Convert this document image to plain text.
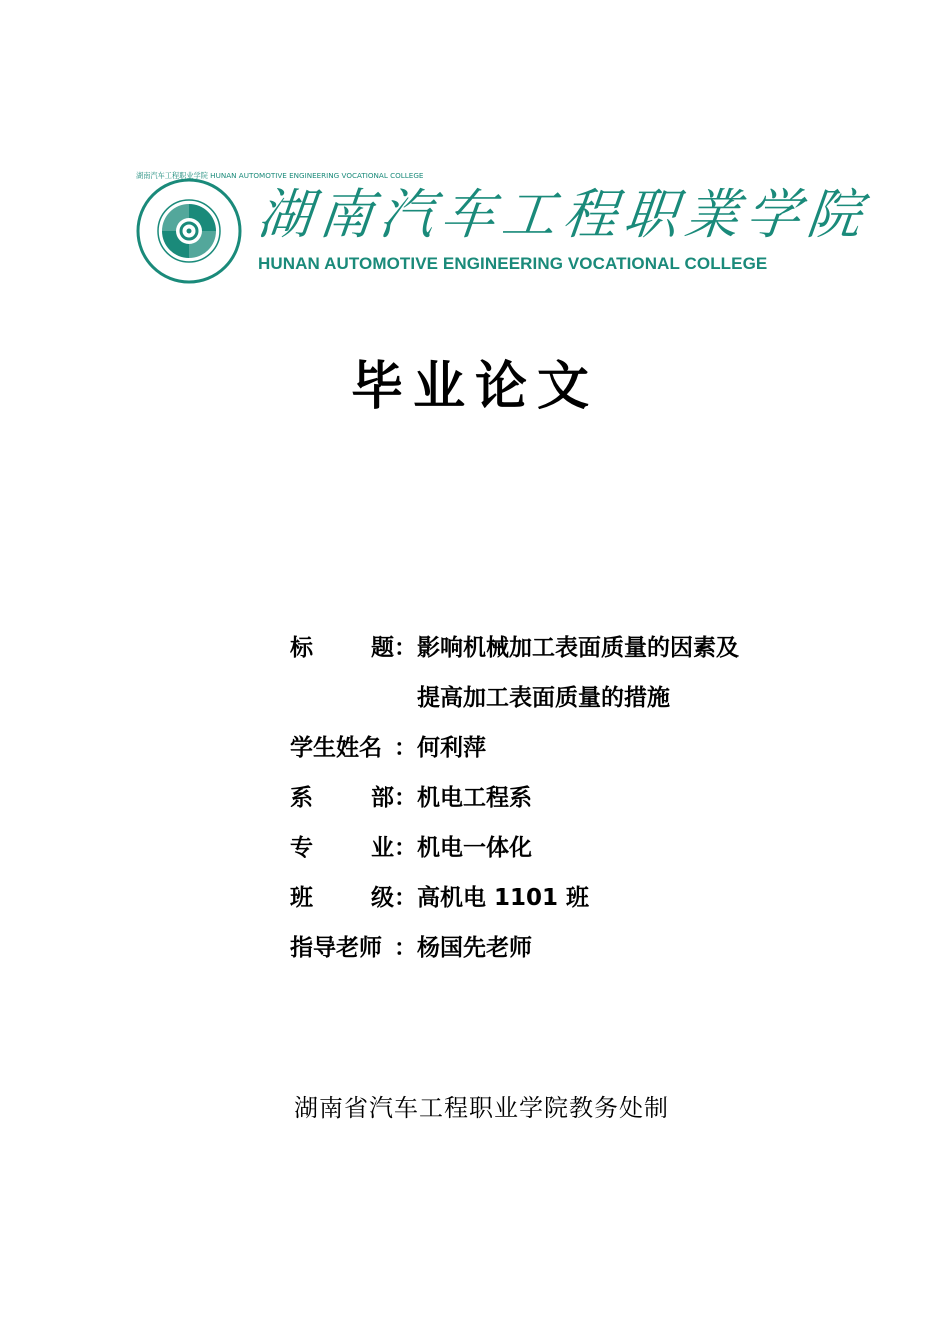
湖南汽车工程职业学院 HUNAN AUTOMOTIVE ENGINEERING VOCATIONAL COLLEGE
湖南汽车工程职業学院
HUNAN AUTOMOTIVE ENGINEERING VOCATIONAL COLLEGE
毕业论文
标	题 ： 影响机械加工表面质量的因素及
提高加工表面质量的措施
学生姓名 ： 何利萍
系	部 ： 机电工程系
专	业 ： 机电一体化
班	级 ： 高机电 1101 班
指导老师 ： 杨国先老师
湖南省汽车工程职业学院教务处制
